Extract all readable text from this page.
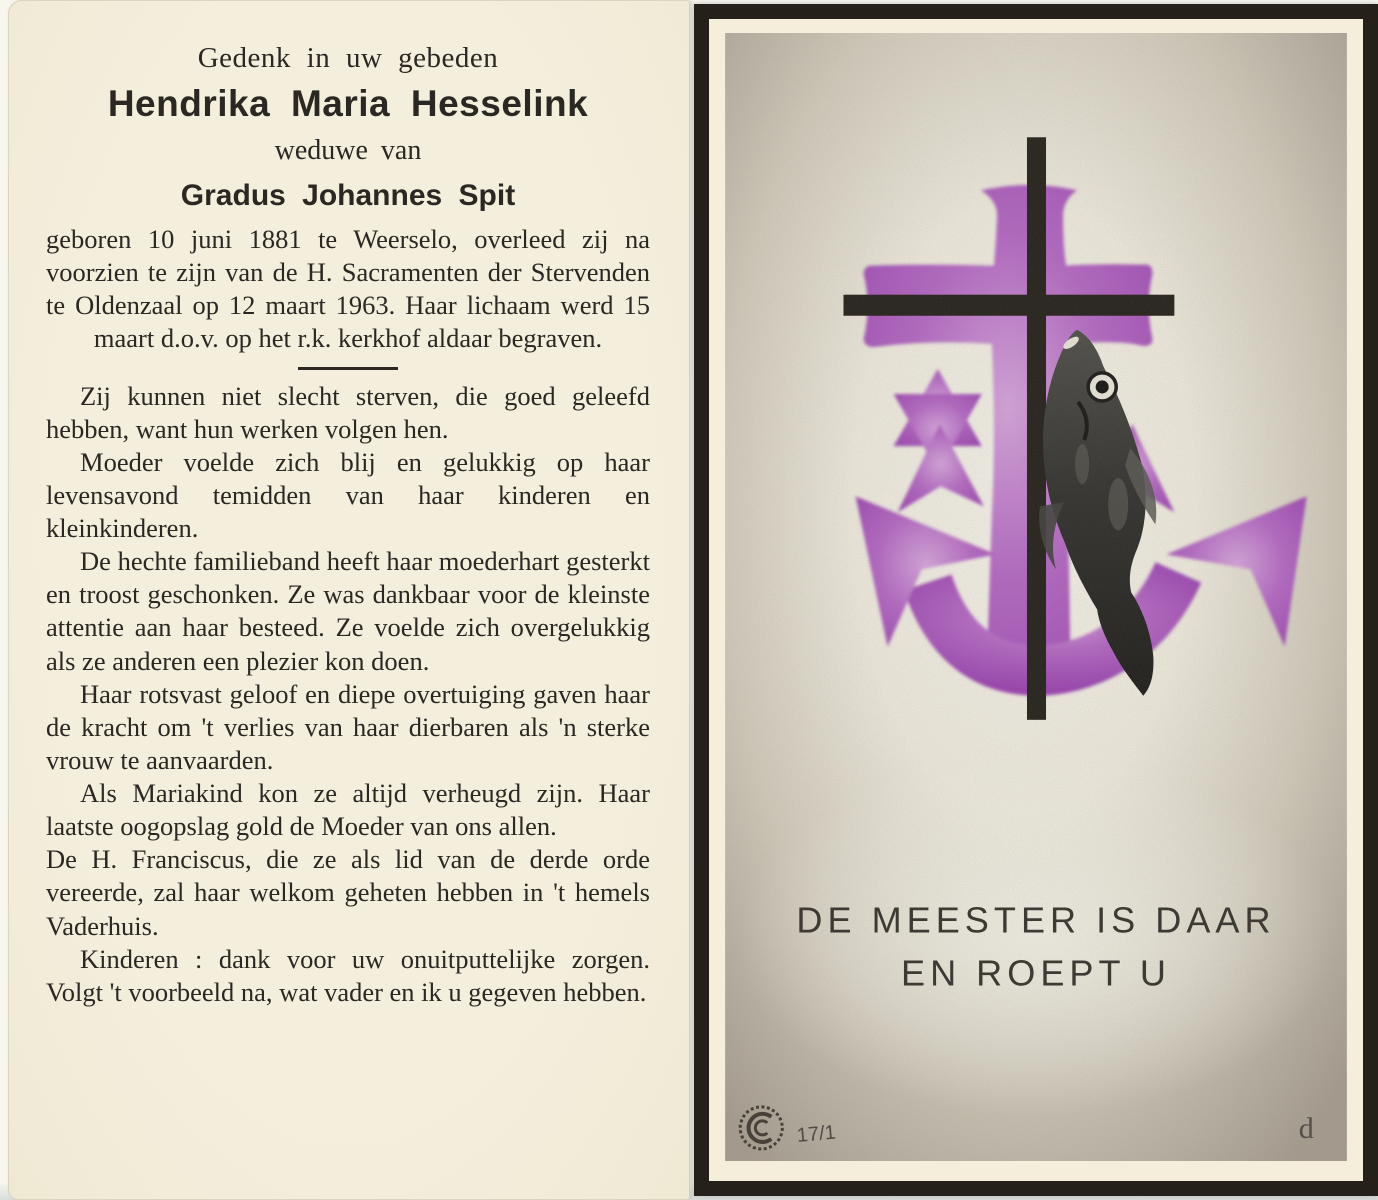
Gedenk in uw gebeden

Hendrika Maria Hesselink

weduwe van

Gradus Johannes Spit

geboren 10 juni 1881 te Weerselo, overleed zij na voorzien te zijn van de H. Sacramenten der Stervenden te Oldenzaal op 12 maart 1963. Haar lichaam werd 15 maart d.o.v. op het r.k. kerkhof aldaar begraven.

Zij kunnen niet slecht sterven, die goed geleefd hebben, want hun werken volgen hen.

Moeder voelde zich blij en gelukkig op haar levensavond temidden van haar kinderen en kleinkinderen.

De hechte familieband heeft haar moederhart gesterkt en troost geschonken. Ze was dankbaar voor de kleinste attentie aan haar besteed. Ze voelde zich overgelukkig als ze anderen een plezier kon doen.

Haar rotsvast geloof en diepe overtuiging gaven haar de kracht om 't verlies van haar dierbaren als 'n sterke vrouw te aanvaarden.

Als Mariakind kon ze altijd verheugd zijn. Haar laatste oogopslag gold de Moeder van ons allen.

De H. Franciscus, die ze als lid van de derde orde vereerde, zal haar welkom geheten hebben in 't hemels Vaderhuis.

Kinderen : dank voor uw onuitputtelijke zorgen. Volgt 't voorbeeld na, wat vader en ik u gegeven hebben.

DE MEESTER IS DAAR
EN ROEPT U
17/1	d
